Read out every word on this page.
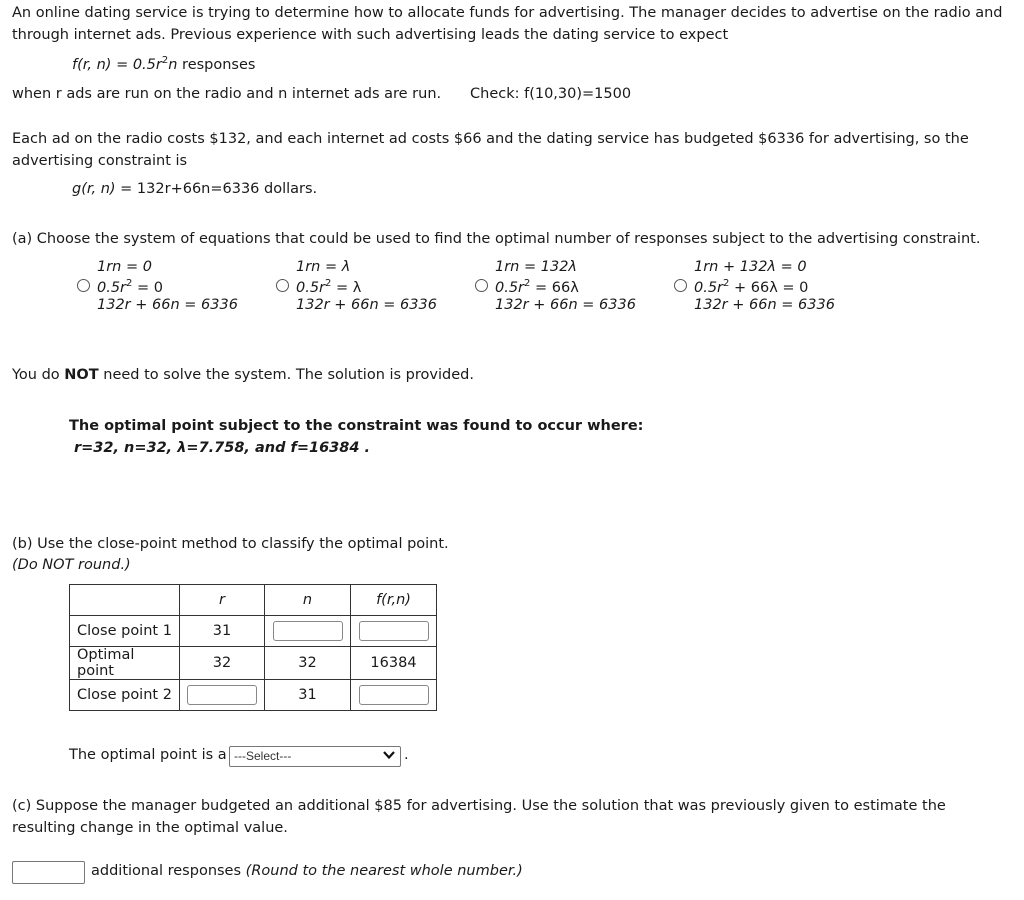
An online dating service is trying to determine how to allocate funds for advertising. The manager decides to advertise on the radio and through internet ads. Previous experience with such advertising leads the dating service to expect
f(r, $n) = 0.5r^2n$ responses
when r ads are run on the radio and n internet ads are run. Check: f(10,30)=1500
Each ad on the radio costs $132, and each internet ad costs $66 and the dating service has budgeted $6336 for advertising, so the advertising constraint is
g(r, n) = 132r+66n=6336 dollars.
(a) Choose the system of equations that could be used to find the optimal number of responses subject to the advertising constraint.
1rn = 0
$0.5r^2 = 0$
132r + 66n = 6336
1rn = λ
$0.5r^2 = \lambda$
132r + 66n = 6336
1rn = 132λ
$0.5r^2 = 66\lambda$
132r + 66n = 6336
1rn + 132λ = 0
$0.5r^2 + 66\lambda = 0$
132r + 66n = 6336
You do NOT need to solve the system. The solution is provided.
The optimal point subject to the constraint was found to occur where:
r=32, n=32, λ=7.758, and f=16384 .
(b) Use the close-point method to classify the optimal point.
(Do NOT round.)
	r	n	f(r,n)
Close point 1	31	

Optimal point	32	32	16384
Close point 2		31	
The optimal point is a ---Select---	.
(c) Suppose the manager budgeted an additional $85 for advertising. Use the solution that was previously given to estimate the resulting change in the optimal value.
additional responses (Round to the nearest whole number.)
